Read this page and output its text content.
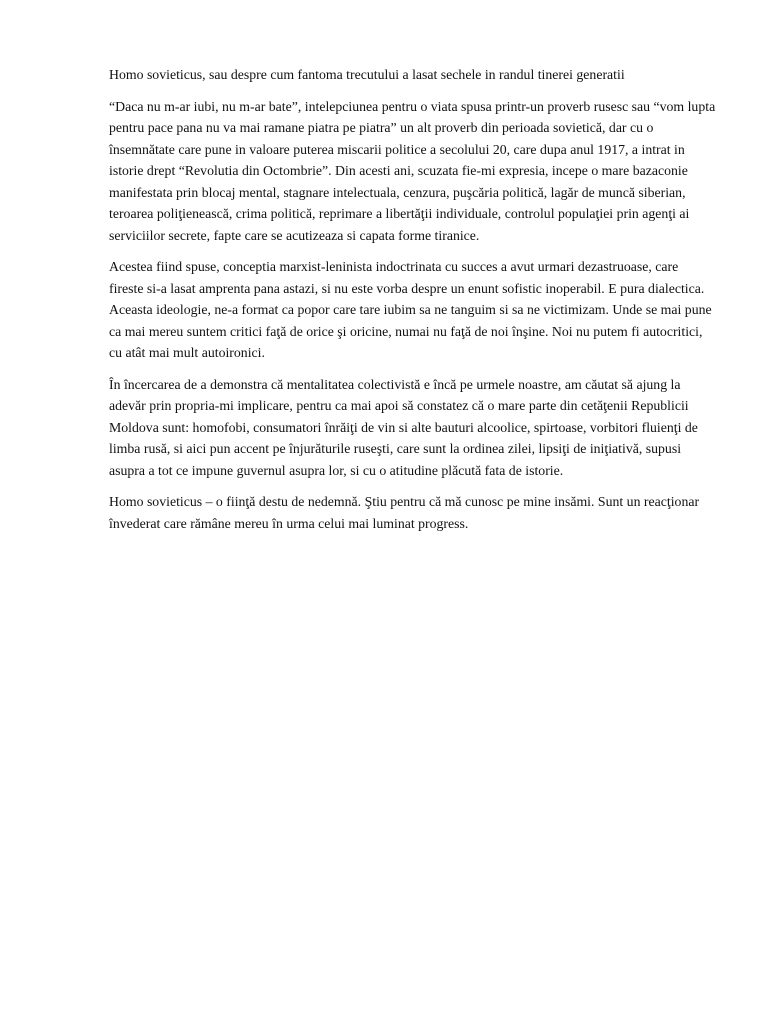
Homo sovieticus, sau despre cum fantoma trecutului a lasat sechele in randul tinerei generatii

“Daca nu m-ar iubi, nu m-ar bate”, intelepciunea pentru o viata spusa printr-un proverb rusesc sau “vom lupta pentru pace pana nu va mai ramane piatra pe piatra” un alt proverb din perioada sovietică, dar cu o însemnătate care pune in valoare puterea miscarii politice a secolului 20, care dupa anul 1917, a intrat in istorie drept “Revolutia din Octombrie”. Din acesti ani, scuzata fie-mi expresia, incepe o mare bazaconie manifestata prin blocaj mental, stagnare intelectuala, cenzura, puşcăria politică, lagăr de muncă siberian, teroarea poliţienească, crima politică, reprimare a libertăţii individuale, controlul populaţiei prin agenţi ai serviciilor secrete, fapte care se acutizeaza si capata forme tiranice.

Acestea fiind spuse, conceptia marxist-leninista indoctrinata cu succes a avut urmari dezastruoase, care fireste si-a lasat amprenta pana astazi, si nu este vorba despre un enunt sofistic inoperabil. E pura dialectica. Aceasta ideologie, ne-a format ca popor care tare iubim sa ne tanguim si sa ne victimizam. Unde se mai pune ca mai mereu suntem critici faţă de orice şi oricine, numai nu faţă de noi înşine. Noi nu putem fi autocritici, cu atât mai mult autoironici.

În încercarea de a demonstra că mentalitatea colectivistă e încă pe urmele noastre, am căutat să ajung la adevăr prin propria-mi implicare, pentru ca mai apoi să constatez că o mare parte din cetăţenii Republicii Moldova sunt: homofobi, consumatori înrăiţi de vin si alte bauturi alcoolice, spirtoase, vorbitori fluienţi de limba rusă, si aici pun accent pe înjurăturile ruseşti, care sunt la ordinea zilei, lipsiţi de iniţiativă, supusi asupra a tot ce impune guvernul asupra lor, si cu o atitudine plăcută fata de istorie.

Homo sovieticus – o fiinţă destu de nedemnă. Ştiu pentru că mă cunosc pe mine insămi. Sunt un reacţionar învederat care rămâne mereu în urma celui mai luminat progress.
